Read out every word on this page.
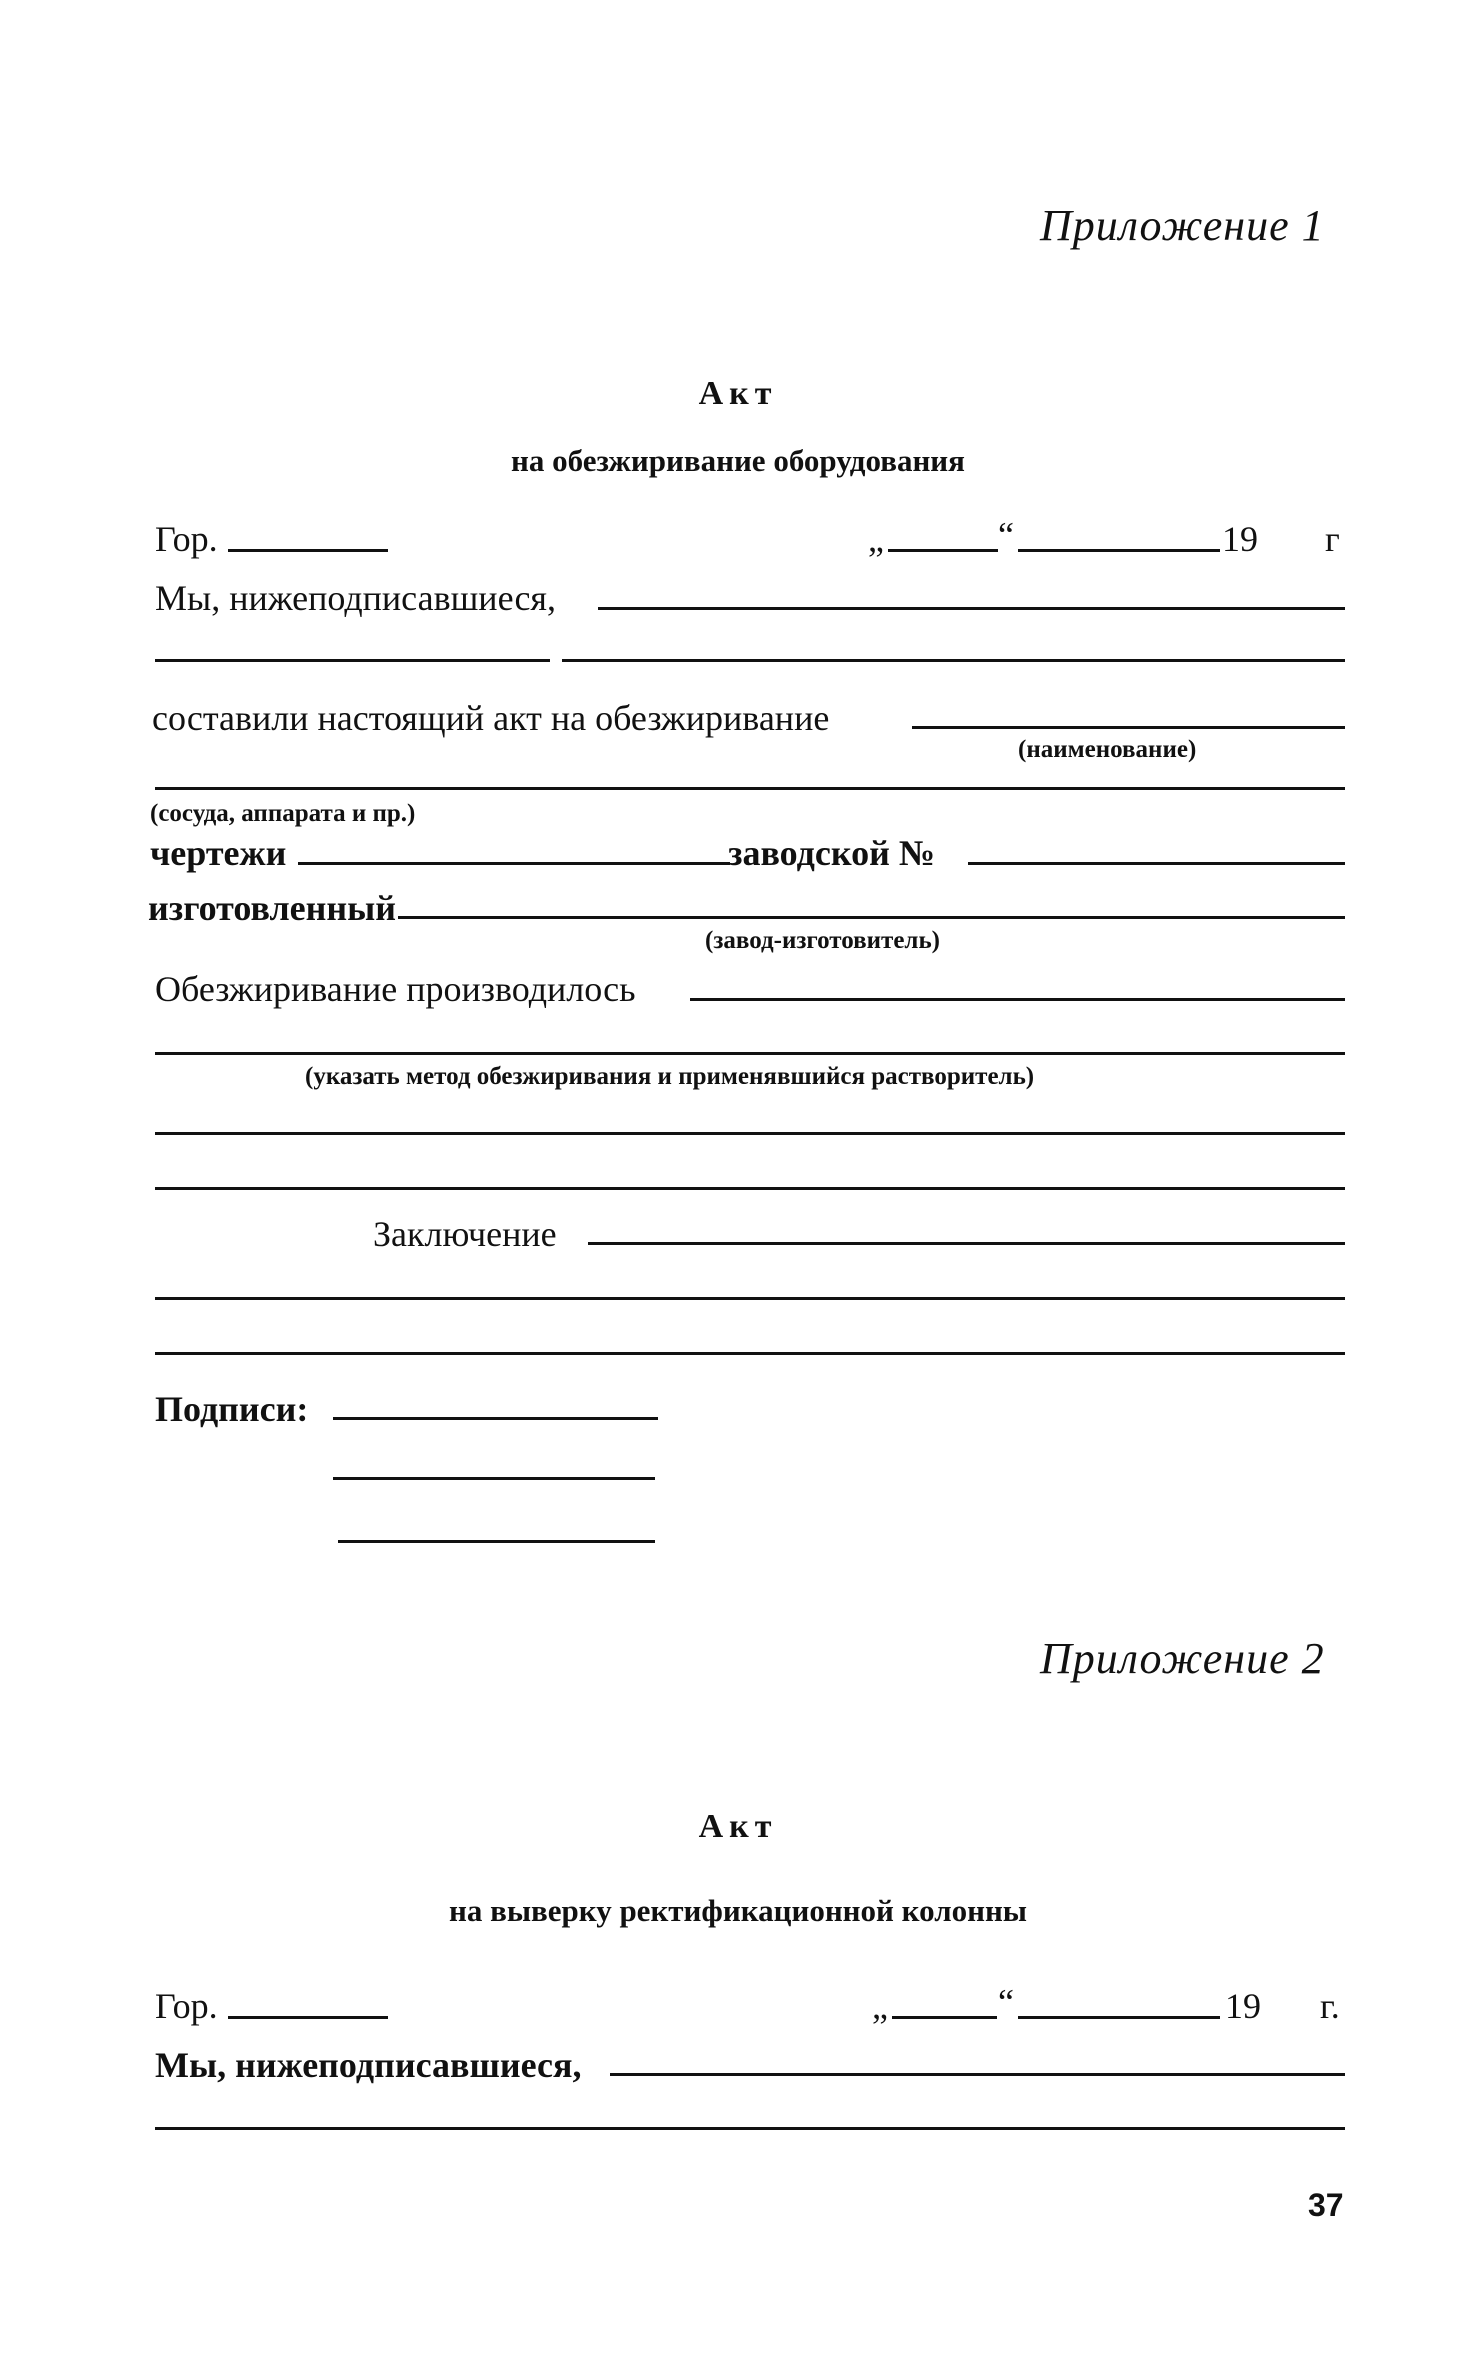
Приложение 1
Акт
на обезжиривание оборудования
Гор.	„	“	19 г
Мы, нижеподписавшиеся,
составили настоящий акт на обезжиривание
(наименование)
(сосуда, аппарата и пр.)
чертежи	заводской №
изготовленный
(завод-изготовитель)
Обезжиривание производилось
(указать метод обезжиривания и применявшийся растворитель)
Заключение
Подписи:
Приложение 2
Акт
на выверку ректификационной колонны
Гор.	„	“	19 г.
Мы, нижеподписавшиеся,
37
